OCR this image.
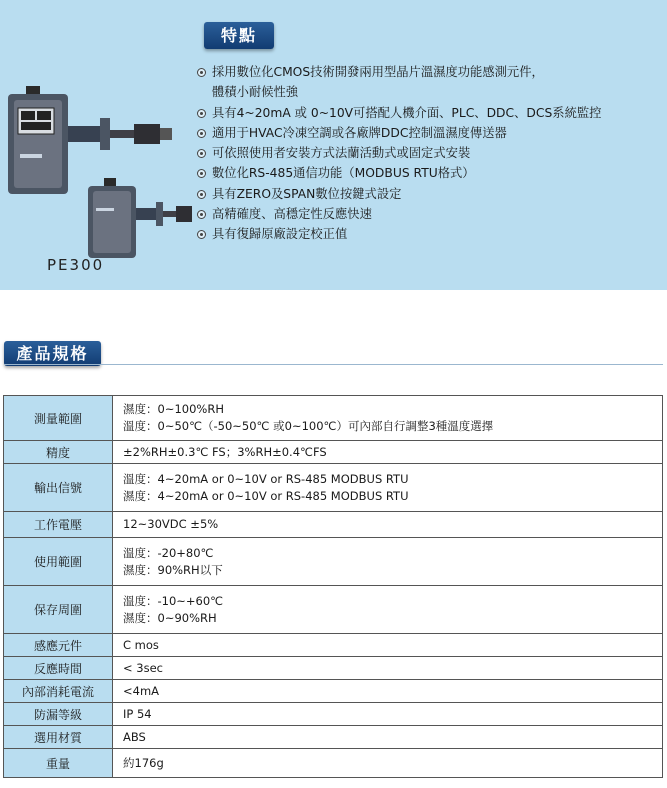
特點
PE300
採用數位化CMOS技術開發兩用型晶片溫濕度功能感測元件，
體積小耐候性強
具有4~20mA 或 0~10V可搭配人機介面、PLC、DDC、DCS系統監控
適用于HVAC冷凍空調或各廠牌DDC控制溫濕度傳送器
可依照使用者安裝方式法蘭活動式或固定式安裝
數位化RS-485通信功能（MODBUS RTU格式）
具有ZERO及SPAN數位按鍵式設定
高精確度、高穩定性反應快速
具有復歸原廠設定校正值
產品規格
測量範圍	濕度：0~100%RH
溫度：0~50℃（-50~50℃ 或0~100℃）可內部自行調整3種溫度選擇

精度	±2%RH±0.3℃ FS；3%RH±0.4℃FS

輸出信號	溫度：4~20mA or 0~10V or RS-485 MODBUS RTU
濕度：4~20mA or 0~10V or RS-485 MODBUS RTU

工作電壓	12~30VDC ±5%

使用範圍	溫度：-20+80℃
濕度：90%RH以下

保存周圍	溫度：-10~+60℃
濕度：0~90%RH

感應元件	C mos

反應時間	< 3sec

內部消耗電流	<4mA

防漏等級	IP 54

選用材質	ABS

重量	約176g
